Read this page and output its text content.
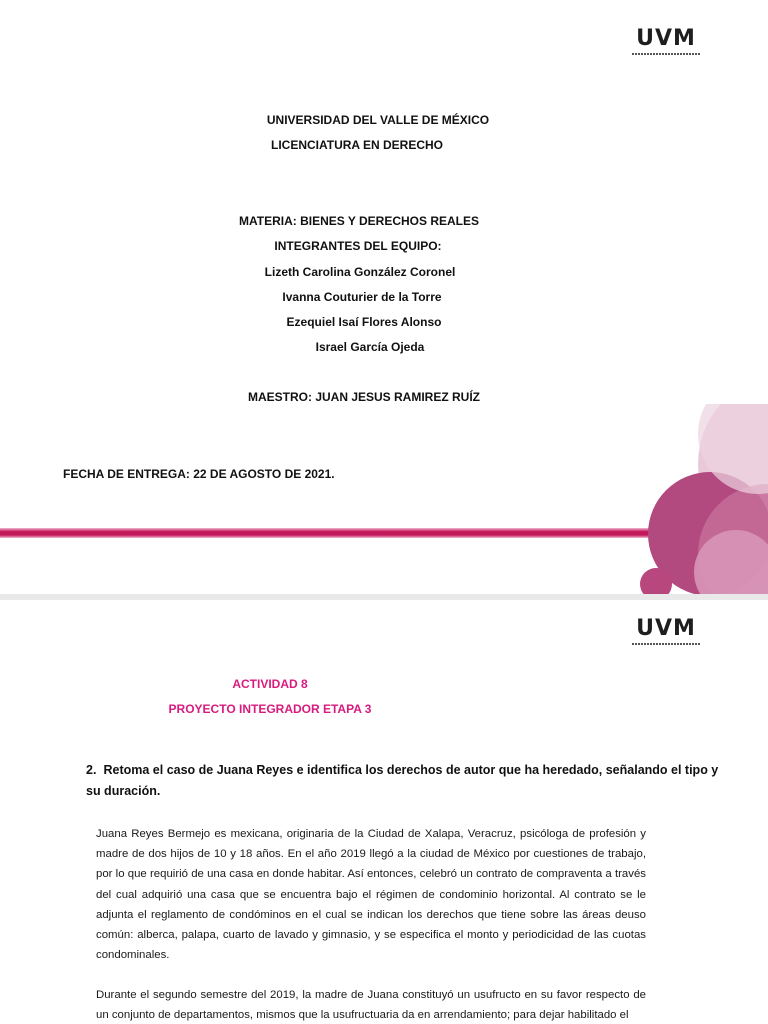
UVM
UNIVERSIDAD DEL VALLE DE MÉXICO
LICENCIATURA EN DERECHO
MATERIA: BIENES Y DERECHOS REALES
INTEGRANTES DEL EQUIPO:
Lizeth Carolina González Coronel
Ivanna Couturier de la Torre
Ezequiel Isaí Flores Alonso
Israel García Ojeda
MAESTRO: JUAN JESUS RAMIREZ RUÍZ
FECHA DE ENTREGA: 22 DE AGOSTO DE 2021.
UVM
ACTIVIDAD 8
PROYECTO INTEGRADOR ETAPA 3
2. Retoma el caso de Juana Reyes e identifica los derechos de autor que ha heredado, señalando el tipo y su duración.
Juana Reyes Bermejo es mexicana, originaria de la Ciudad de Xalapa, Veracruz, psicóloga de profesión y madre de dos hijos de 10 y 18 años. En el año 2019 llegó a la ciudad de México por cuestiones de trabajo, por lo que requirió de una casa en donde habitar. Así entonces, celebró un contrato de compraventa a través del cual adquirió una casa que se encuentra bajo el régimen de condominio horizontal. Al contrato se le adjunta el reglamento de condóminos en el cual se indican los derechos que tiene sobre las áreas deuso común: alberca, palapa, cuarto de lavado y gimnasio, y se especifica el monto y periodicidad de las cuotas condominales.
Durante el segundo semestre del 2019, la madre de Juana constituyó un usufructo en su favor respecto de un conjunto de departamentos, mismos que la usufructuaria da en arrendamiento; para dejar habilitado el
